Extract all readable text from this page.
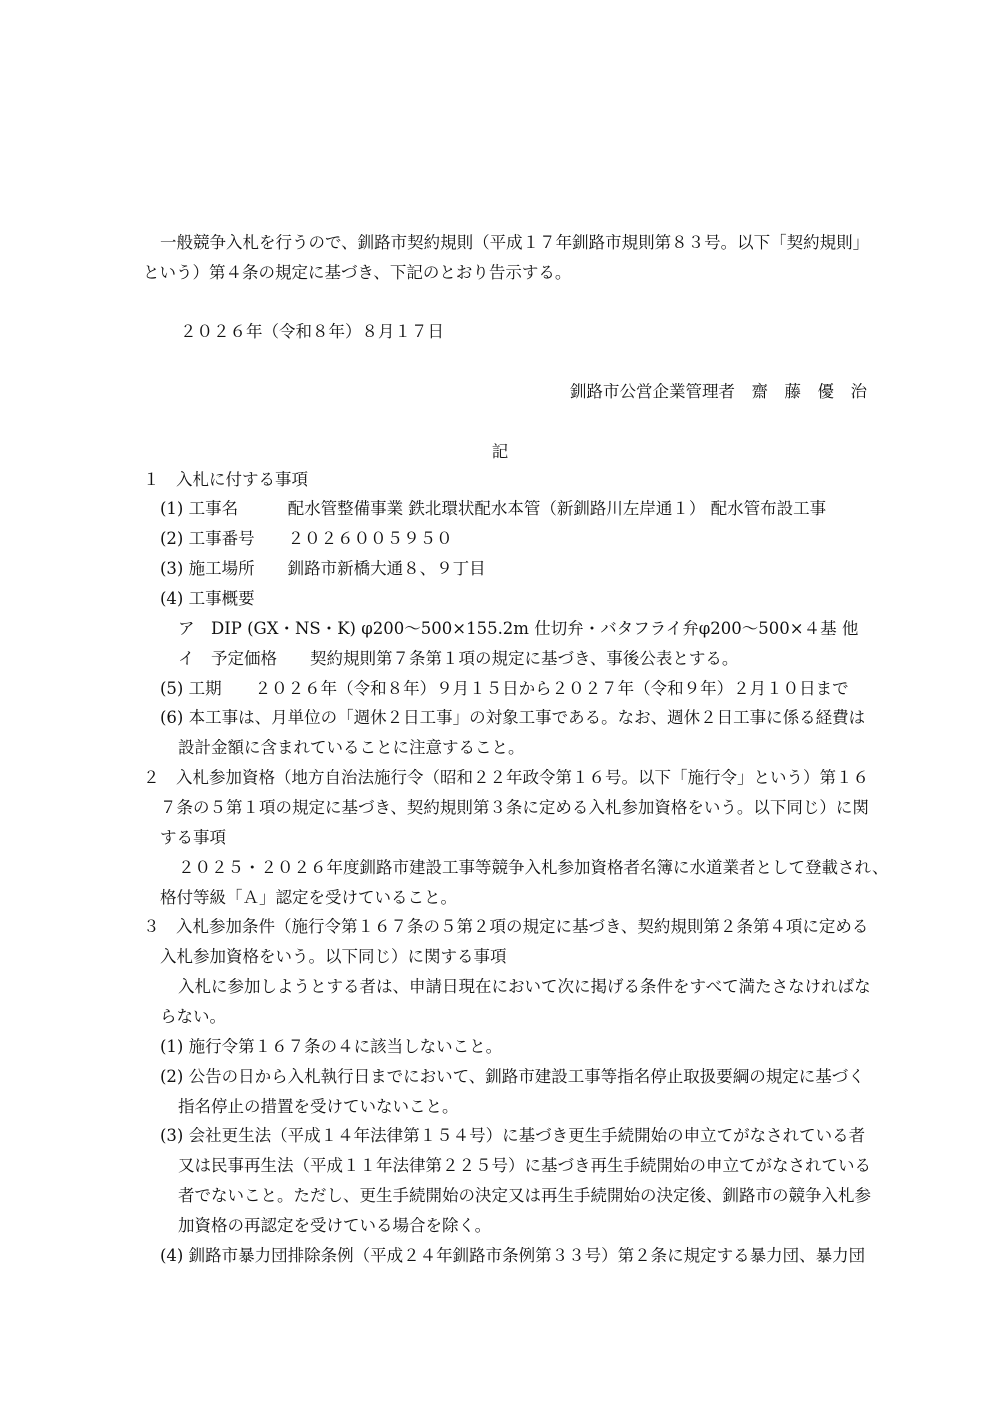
一般競争入札を行うので、釧路市契約規則（平成１７年釧路市規則第８３号。以下「契約規則」
という）第４条の規定に基づき、下記のとおり告示する。
２０２６年（令和８年）８月１７日
釧路市公営企業管理者　齋　藤　優　治
記
１　入札に付する事項
(1) 工事名　　　配水管整備事業 鉄北環状配水本管（新釧路川左岸通１） 配水管布設工事
(2) 工事番号　　２０２６００５９５０
(3) 施工場所　　釧路市新橋大通８、９丁目
(4) 工事概要
ア　DIP (GX・NS・K) φ200～500×155.2m 仕切弁・バタフライ弁φ200～500×４基 他
イ　予定価格　　契約規則第７条第１項の規定に基づき、事後公表とする。
(5) 工期　　２０２６年（令和８年）９月１５日から２０２７年（令和９年）２月１０日まで
(6) 本工事は、月単位の「週休２日工事」の対象工事である。なお、週休２日工事に係る経費は
設計金額に含まれていることに注意すること。
２　入札参加資格（地方自治法施行令（昭和２２年政令第１６号。以下「施行令」という）第１６
７条の５第１項の規定に基づき、契約規則第３条に定める入札参加資格をいう。以下同じ）に関
する事項
２０２５・２０２６年度釧路市建設工事等競争入札参加資格者名簿に水道業者として登載され、
格付等級「Ａ」認定を受けていること。
３　入札参加条件（施行令第１６７条の５第２項の規定に基づき、契約規則第２条第４項に定める
入札参加資格をいう。以下同じ）に関する事項
入札に参加しようとする者は、申請日現在において次に掲げる条件をすべて満たさなければな
らない。
(1) 施行令第１６７条の４に該当しないこと。
(2) 公告の日から入札執行日までにおいて、釧路市建設工事等指名停止取扱要綱の規定に基づく
指名停止の措置を受けていないこと。
(3) 会社更生法（平成１４年法律第１５４号）に基づき更生手続開始の申立てがなされている者
又は民事再生法（平成１１年法律第２２５号）に基づき再生手続開始の申立てがなされている
者でないこと。ただし、更生手続開始の決定又は再生手続開始の決定後、釧路市の競争入札参
加資格の再認定を受けている場合を除く。
(4) 釧路市暴力団排除条例（平成２４年釧路市条例第３３号）第２条に規定する暴力団、暴力団
